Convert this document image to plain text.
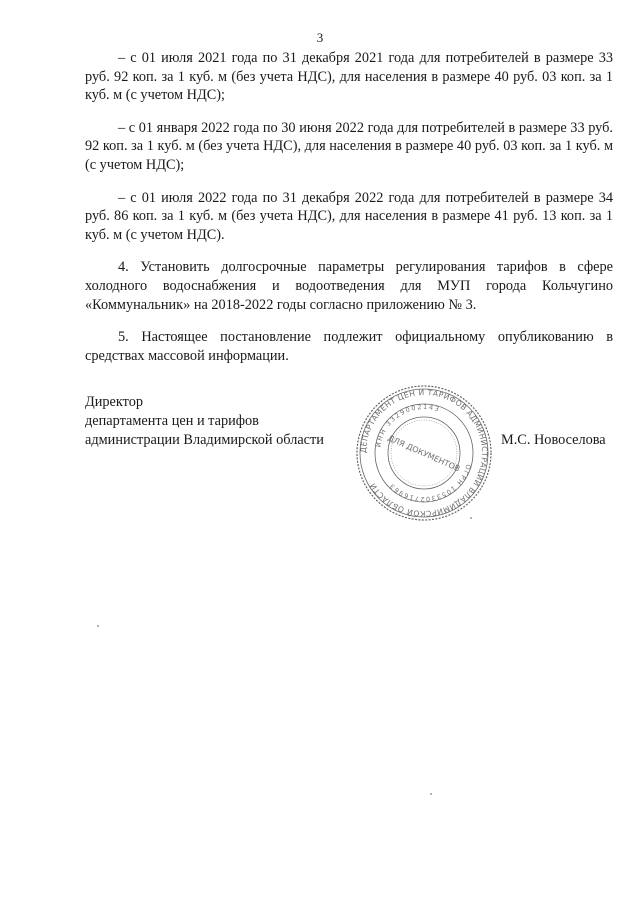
3

– с 01 июля 2021 года по 31 декабря 2021 года для потребителей в размере 33 руб. 92 коп. за 1 куб. м (без учета НДС), для населения в размере 40 руб. 03 коп. за 1 куб. м (с учетом НДС);

– с 01 января 2022 года по 30 июня 2022 года для потребителей в размере 33 руб. 92 коп. за 1 куб. м (без учета НДС), для населения в размере 40 руб. 03 коп. за 1 куб. м (с учетом НДС);

– с 01 июля 2022 года по 31 декабря 2022 года для потребителей в размере 34 руб. 86 коп. за 1 куб. м (без учета НДС), для населения в размере 41 руб. 13 коп. за 1 куб. м (с учетом НДС).

4. Установить долгосрочные параметры регулирования тарифов в сфере холодного водоснабжения и водоотведения для МУП города Кольчугино «Коммунальник» на 2018-2022 годы согласно приложению № 3.

5. Настоящее постановление подлежит официальному опубликованию в средствах массовой информации.

Директор
департамента цен и тарифов
администрации Владимирской области	М.С. Новоселова
ДЕПАРТАМЕНТ ЦЕН И ТАРИФОВ АДМИНИСТРАЦИИ ВЛАДИМИРСКОЙ ОБЛАСТИ
ИНН 3329002143
ОГРН 1053302716963
ДЛЯ ДОКУМЕНТОВ
